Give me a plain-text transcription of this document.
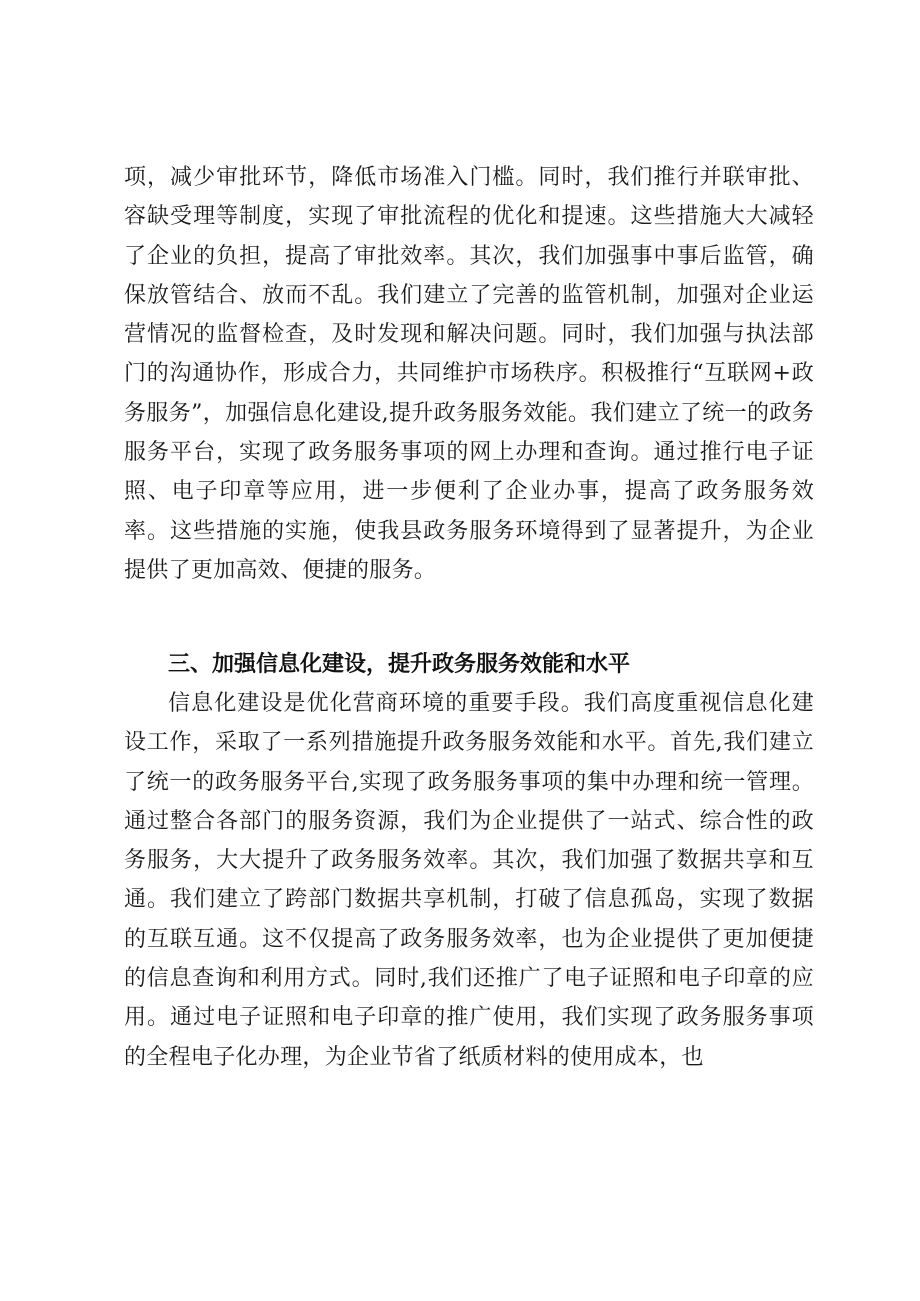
项，减少审批环节，降低市场准入门槛。同时，我们推行并联审批、容缺受理等制度，实现了审批流程的优化和提速。这些措施大大减轻了企业的负担，提高了审批效率。其次，我们加强事中事后监管，确保放管结合、放而不乱。我们建立了完善的监管机制，加强对企业运营情况的监督检查，及时发现和解决问题。同时，我们加强与执法部门的沟通协作，形成合力，共同维护市场秩序。积极推行“互联网+政务服务”，加强信息化建设,提升政务服务效能。我们建立了统一的政务服务平台，实现了政务服务事项的网上办理和查询。通过推行电子证照、电子印章等应用，进一步便利了企业办事，提高了政务服务效率。这些措施的实施，使我县政务服务环境得到了显著提升，为企业提供了更加高效、便捷的服务。

三、加强信息化建设，提升政务服务效能和水平

信息化建设是优化营商环境的重要手段。我们高度重视信息化建设工作，采取了一系列措施提升政务服务效能和水平。首先,我们建立了统一的政务服务平台,实现了政务服务事项的集中办理和统一管理。通过整合各部门的服务资源，我们为企业提供了一站式、综合性的政务服务，大大提升了政务服务效率。其次，我们加强了数据共享和互通。我们建立了跨部门数据共享机制，打破了信息孤岛，实现了数据的互联互通。这不仅提高了政务服务效率，也为企业提供了更加便捷的信息查询和利用方式。同时,我们还推广了电子证照和电子印章的应用。通过电子证照和电子印章的推广使用，我们实现了政务服务事项的全程电子化办理，为企业节省了纸质材料的使用成本，也
